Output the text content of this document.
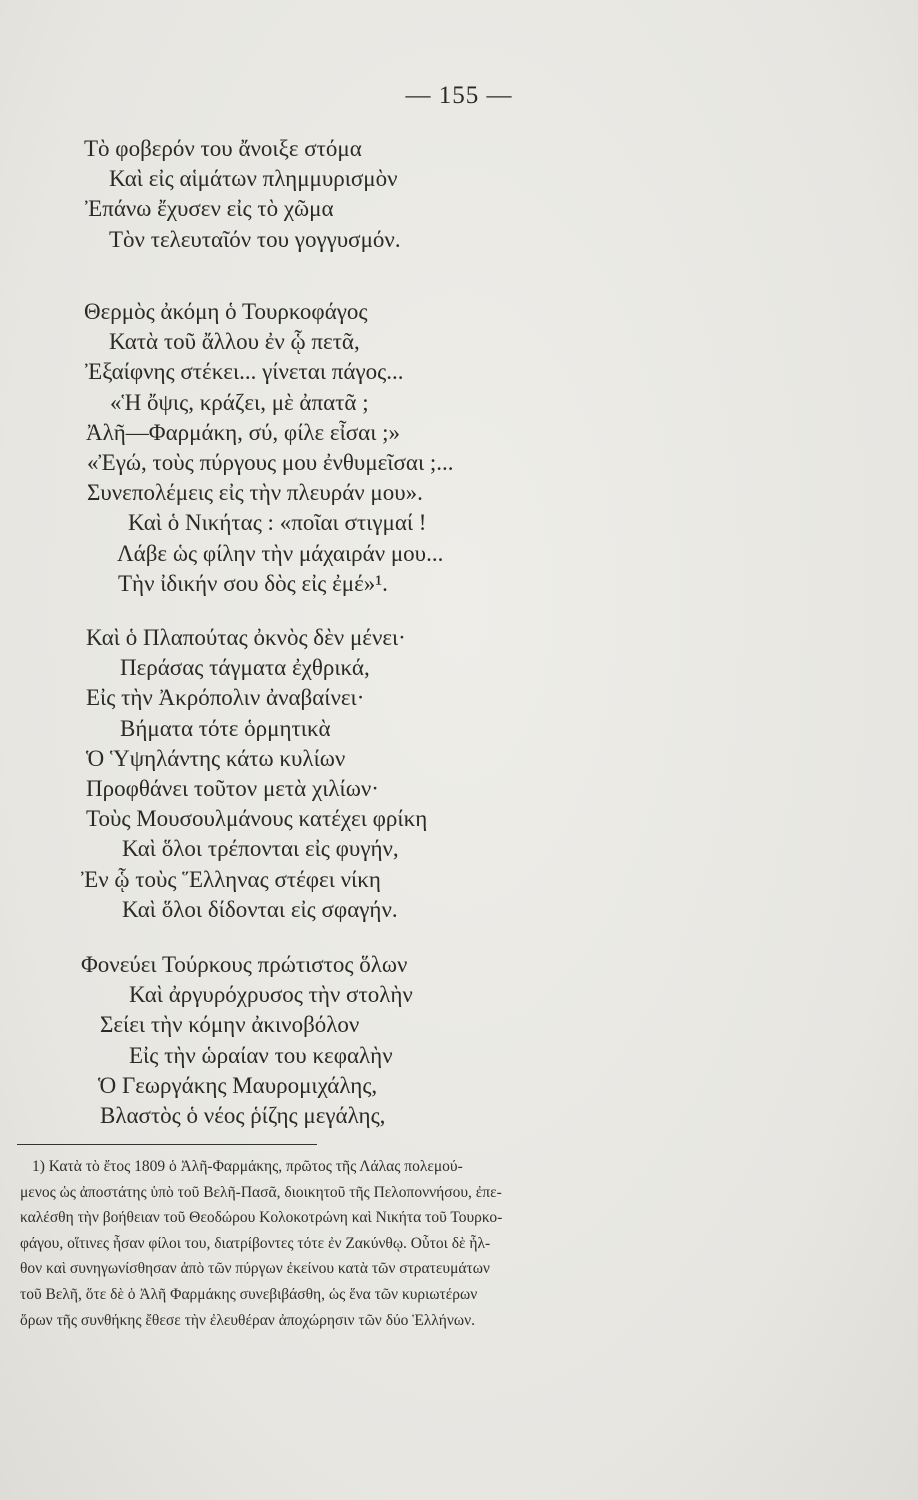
— 155 —
Τὸ φοβερόν του ἄνοιξε στόμα
Καὶ εἰς αἱμάτων πλημμυρισμὸν
Ἐπάνω ἔχυσεν εἰς τὸ χῶμα
Τὸν τελευταῖόν του γογγυσμόν.
Θερμὸς ἀκόμη ὁ Τουρκοφάγος
Κατὰ τοῦ ἄλλου ἐν ᾧ πετᾶ,
Ἐξαίφνης στέκει... γίνεται πάγος...
«Ἡ ὄψις, κράζει, μὲ ἀπατᾶ ;
Ἀλῆ—Φαρμάκη, σύ, φίλε εἶσαι ;»
«Ἐγώ, τοὺς πύργους μου ἐνθυμεῖσαι ;...
Συνεπολέμεις εἰς τὴν πλευράν μου».
Καὶ ὁ Νικήτας : «ποῖαι στιγμαί !
Λάβε ὡς φίλην τὴν μάχαιράν μου...
Τὴν ἰδικήν σου δὸς εἰς ἐμέ»¹.
Καὶ ὁ Πλαπούτας ὀκνὸς δὲν μένει·
Περάσας τάγματα ἐχθρικά,
Εἰς τὴν Ἀκρόπολιν ἀναβαίνει·
Βήματα τότε ὁρμητικὰ
Ὁ Ὑψηλάντης κάτω κυλίων
Προφθάνει τοῦτον μετὰ χιλίων·
Τοὺς Μουσουλμάνους κατέχει φρίκη
Καὶ ὅλοι τρέπονται εἰς φυγήν,
Ἐν ᾧ τοὺς Ἕλληνας στέφει νίκη
Καὶ ὅλοι δίδονται εἰς σφαγήν.
Φονεύει Τούρκους πρώτιστος ὅλων
Καὶ ἀργυρόχρυσος τὴν στολὴν
Σείει τὴν κόμην ἀκινοβόλον
Εἰς τὴν ὡραίαν του κεφαλὴν
Ὁ Γεωργάκης Μαυρομιχάλης,
Βλαστὸς ὁ νέος ῥίζης μεγάλης,
1) Κατὰ τὸ ἔτος 1809 ὁ Ἀλῆ-Φαρμάκης, πρῶτος τῆς Λάλας πολεμού-
μενος ὡς ἀποστάτης ὑπὸ τοῦ Βελῆ-Πασᾶ, διοικητοῦ τῆς Πελοποννήσου, ἐπε-
καλέσθη τὴν βοήθειαν τοῦ Θεοδώρου Κολοκοτρώνη καὶ Νικήτα τοῦ Τουρκο-
φάγου, οἵτινες ἦσαν φίλοι του, διατρίβοντες τότε ἐν Ζακύνθῳ. Οὗτοι δὲ ἦλ-
θον καὶ συνηγωνίσθησαν ἀπὸ τῶν πύργων ἐκείνου κατὰ τῶν στρατευμάτων
τοῦ Βελῆ, ὅτε δὲ ὁ Ἀλῆ Φαρμάκης συνεβιβάσθη, ὡς ἕνα τῶν κυριωτέρων
ὅρων τῆς συνθήκης ἔθεσε τὴν ἐλευθέραν ἀποχώρησιν τῶν δύο Ἑλλήνων.
